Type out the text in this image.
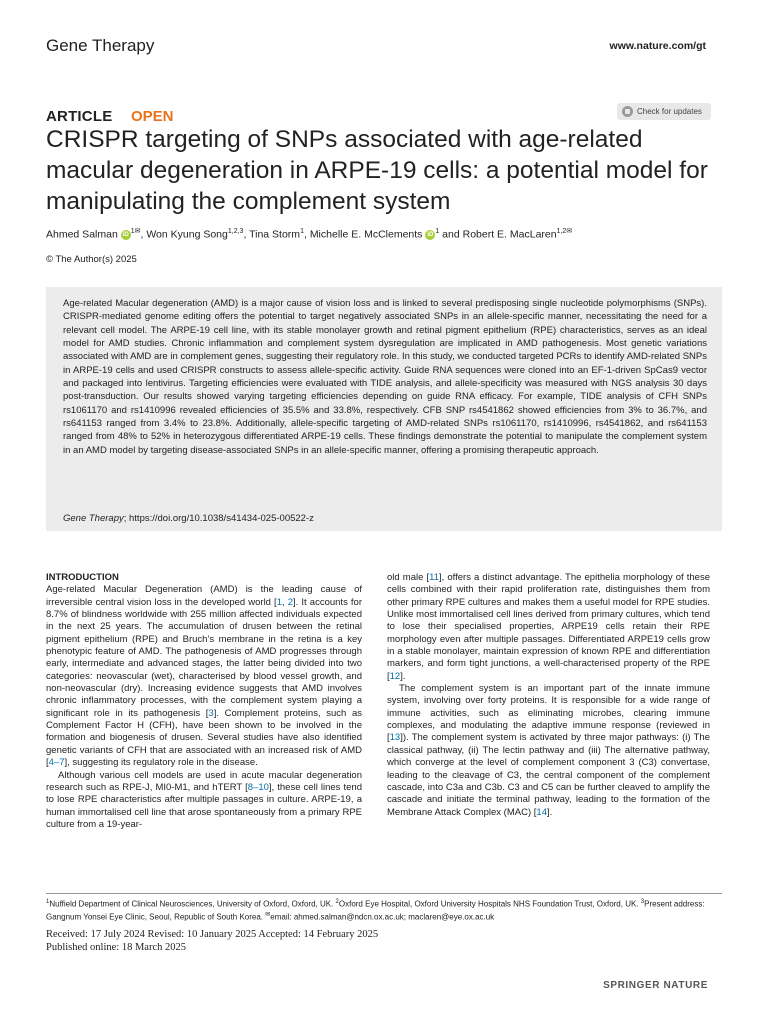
Gene Therapy	www.nature.com/gt
ARTICLE OPEN	Check for updates
CRISPR targeting of SNPs associated with age-related macular degeneration in ARPE-19 cells: a potential model for manipulating the complement system
Ahmed Salman iD $^{1✉}$, Won Kyung Song$^{1,2,3}$, Tina Storm$^1$, Michelle E. McClements iD $^1$ and Robert E. MacLaren$^{1,2✉}$
© The Author(s) 2025

Age-related Macular degeneration (AMD) is a major cause of vision loss and is linked to several predisposing single nucleotide polymorphisms (SNPs). CRISPR-mediated genome editing offers the potential to target negatively associated SNPs in an allele-specific manner, necessitating the need for a relevant cell model. The ARPE-19 cell line, with its stable monolayer growth and retinal pigment epithelium (RPE) characteristics, serves as an ideal model for AMD studies. Chronic inflammation and complement system dysregulation are implicated in AMD pathogenesis. Most genetic variations associated with AMD are in complement genes, suggesting their regulatory role. In this study, we conducted targeted PCRs to identify AMD-related SNPs in ARPE-19 cells and used CRISPR constructs to assess allele-specific activity. Guide RNA sequences were cloned into an EF-1-driven SpCas9 vector and packaged into lentivirus. Targeting efficiencies were evaluated with TIDE analysis, and allele-specificity was measured with NGS analysis 30 days post-transduction. Our results showed varying targeting efficiencies depending on guide RNA efficacy. For example, TIDE analysis of CFH SNPs rs1061170 and rs1410996 revealed efficiencies of 35.5% and 33.8%, respectively. CFB SNP rs4541862 showed efficiencies from 3% to 36.7%, and rs641153 ranged from 3.4% to 23.8%. Additionally, allele-specific targeting of AMD-related SNPs rs1061170, rs1410996, rs4541862, and rs641153 ranged from 48% to 52% in heterozygous differentiated ARPE-19 cells. These findings demonstrate the potential to manipulate the complement system in an AMD model by targeting disease-associated SNPs in an allele-specific manner, offering a promising therapeutic approach.

Gene Therapy; https://doi.org/10.1038/s41434-025-00522-z

INTRODUCTION

Age-related Macular Degeneration (AMD) is the leading cause of irreversible central vision loss in the developed world [1, 2]. It accounts for 8.7% of blindness worldwide with 255 million affected individuals expected in the next 25 years. The accumulation of drusen between the retinal pigment epithelium (RPE) and Bruch’s membrane in the retina is a key phenotypic feature of AMD. The pathogenesis of AMD progresses through early, intermediate and advanced stages, the latter being divided into two categories: neovascular (wet), characterised by blood vessel growth, and non-neovascular (dry). Increasing evidence suggests that AMD involves chronic inflammatory processes, with the complement system playing a significant role in its pathogenesis [3]. Complement proteins, such as Complement Factor H (CFH), have been shown to be involved in the formation and biogenesis of drusen. Several studies have also identified genetic variants of CFH that are associated with an increased risk of AMD [4–7], suggesting its regulatory role in the disease.

Although various cell models are used in acute macular degeneration research such as RPE-J, MI0-M1, and hTERT [8–10], these cell lines tend to lose RPE characteristics after multiple passages in culture. ARPE-19, a human immortalised cell line that arose spontaneously from a primary RPE culture from a 19-year-

old male [11], offers a distinct advantage. The epithelia morphology of these cells combined with their rapid proliferation rate, distinguishes them from other primary RPE cultures and makes them a useful model for RPE studies. Unlike most immortalised cell lines derived from primary cultures, which tend to lose their specialised properties, ARPE19 cells retain their RPE morphology even after multiple passages. Differentiated ARPE19 cells grow in a stable monolayer, maintain expression of known RPE and differentiation markers, and form tight junctions, a well-characterised property of the RPE [12].

The complement system is an important part of the innate immune system, involving over forty proteins. It is responsible for a wide range of immune activities, such as eliminating microbes, clearing immune complexes, and modulating the adaptive immune response (reviewed in [13]). The complement system is activated by three major pathways: (i) The classical pathway, (ii) The lectin pathway and (iii) The alternative pathway, which converge at the level of complement component 3 (C3) convertase, leading to the cleavage of C3, the central component of the complement cascade, into C3a and C3b. C3 and C5 can be further cleaved to amplify the cascade and initiate the terminal pathway, leading to the formation of the Membrane Attack Complex (MAC) [14].

$^1$Nuffield Department of Clinical Neurosciences, University of Oxford, Oxford, UK. $^2$Oxford Eye Hospital, Oxford University Hospitals NHS Foundation Trust, Oxford, UK. $^3$Present address: Gangnum Yonsei Eye Clinic, Seoul, Republic of South Korea. ✉email: ahmed.salman@ndcn.ox.ac.uk; maclaren@eye.ox.ac.uk

Received: 17 July 2024 Revised: 10 January 2025 Accepted: 14 February 2025
Published online: 18 March 2025
SPRINGER NATURE
